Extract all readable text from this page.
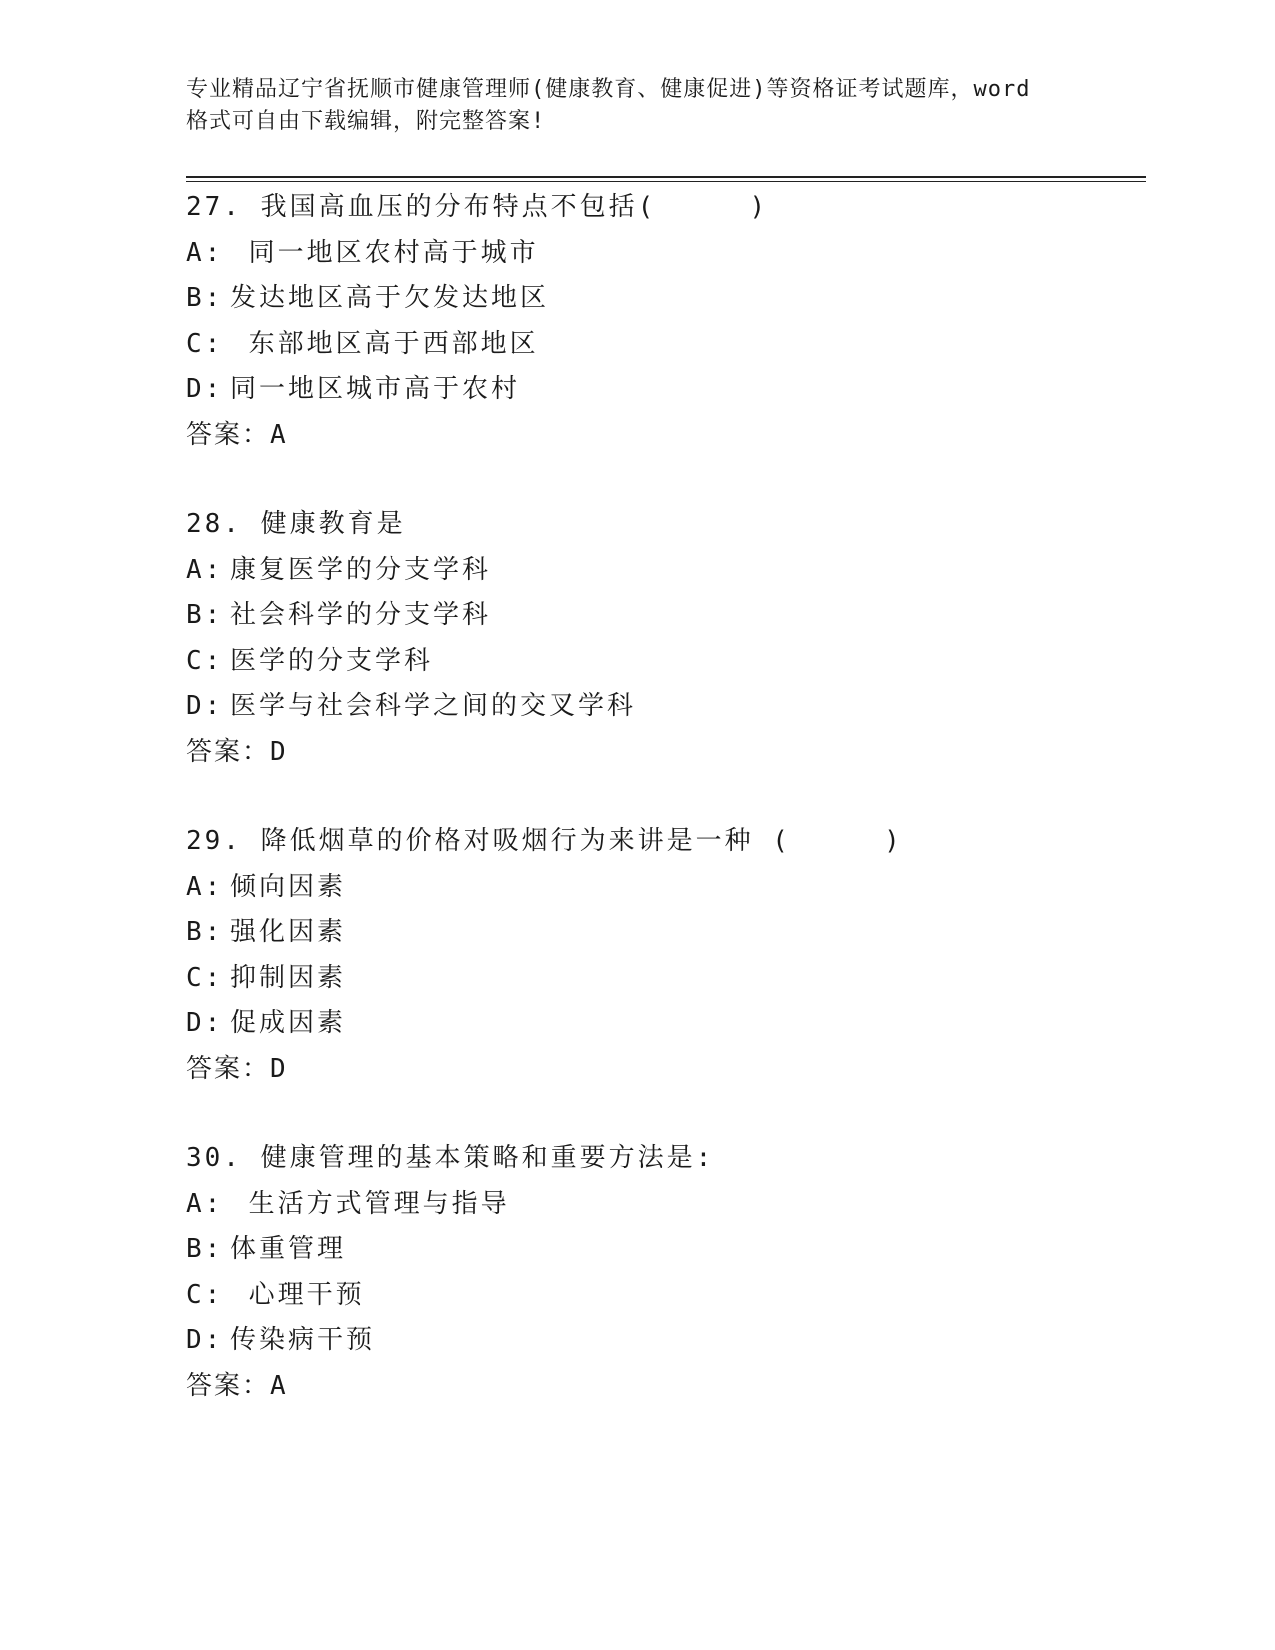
专业精品辽宁省抚顺市健康管理师(健康教育、健康促进)等资格证考试题库，word
格式可自由下载编辑，附完整答案!
27. 我国高血压的分布特点不包括(     )
A: 同一地区农村高于城市
B: 发达地区高于欠发达地区
C: 东部地区高于西部地区
D: 同一地区城市高于农村
答案：A
28. 健康教育是
A: 康复医学的分支学科
B: 社会科学的分支学科
C: 医学的分支学科
D: 医学与社会科学之间的交叉学科
答案：D
29. 降低烟草的价格对吸烟行为来讲是一种 (     )
A: 倾向因素
B: 强化因素
C: 抑制因素
D: 促成因素
答案：D
30. 健康管理的基本策略和重要方法是:
A: 生活方式管理与指导
B: 体重管理
C: 心理干预
D: 传染病干预
答案：A
